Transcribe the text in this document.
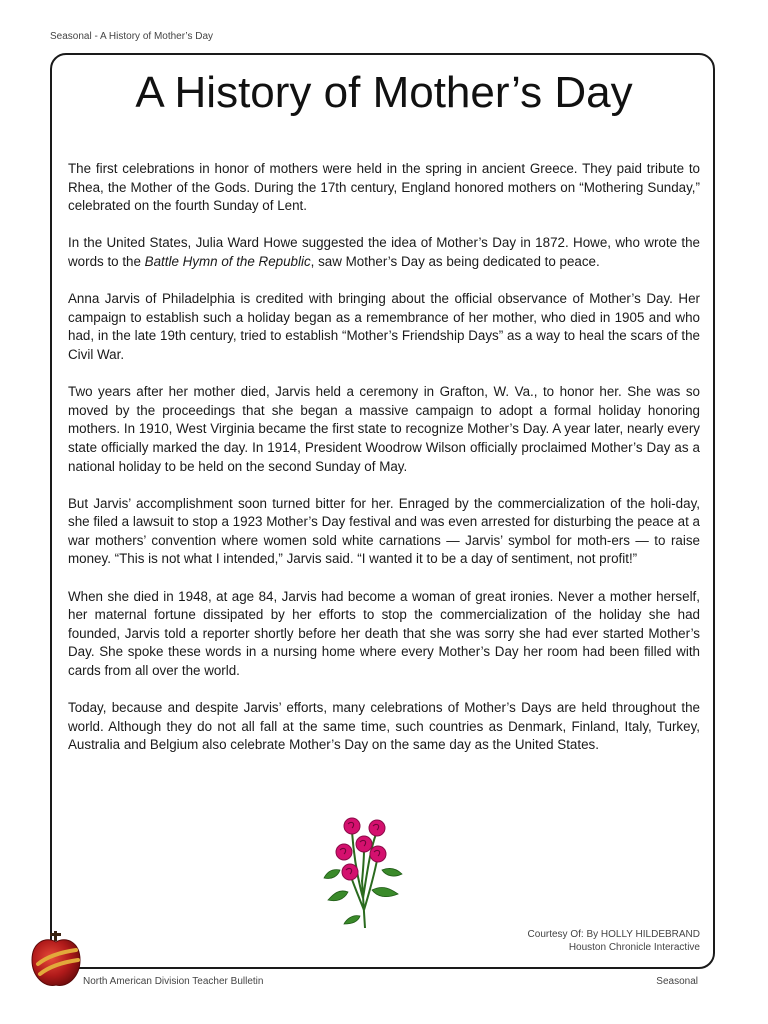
Seasonal - A History of Mother’s Day
A History of Mother’s Day

The first celebrations in honor of mothers were held in the spring in ancient Greece. They paid tribute to Rhea, the Mother of the Gods. During the 17th century, England honored mothers on “Mothering Sunday,” celebrated on the fourth Sunday of Lent.

In the United States, Julia Ward Howe suggested the idea of Mother’s Day in 1872. Howe, who wrote the words to the Battle Hymn of the Republic, saw Mother’s Day as being dedicated to peace.

Anna Jarvis of Philadelphia is credited with bringing about the official observance of Mother’s Day. Her campaign to establish such a holiday began as a remembrance of her mother, who died in 1905 and who had, in the late 19th century, tried to establish “Mother’s Friendship Days” as a way to heal the scars of the Civil War.

Two years after her mother died, Jarvis held a ceremony in Grafton, W. Va., to honor her. She was so moved by the proceedings that she began a massive campaign to adopt a formal holiday honoring mothers. In 1910, West Virginia became the first state to recognize Mother’s Day. A year later, nearly every state officially marked the day. In 1914, President Woodrow Wilson officially proclaimed Mother’s Day as a national holiday to be held on the second Sunday of May.

But Jarvis’ accomplishment soon turned bitter for her. Enraged by the commercialization of the holi-day, she filed a lawsuit to stop a 1923 Mother’s Day festival and was even arrested for disturbing the peace at a war mothers’ convention where women sold white carnations — Jarvis’ symbol for moth-ers — to raise money. “This is not what I intended,” Jarvis said. “I wanted it to be a day of sentiment, not profit!”

When she died in 1948, at age 84, Jarvis had become a woman of great ironies. Never a mother herself, her maternal fortune dissipated by her efforts to stop the commercialization of the holiday she had founded, Jarvis told a reporter shortly before her death that she was sorry she had ever started Mother’s Day. She spoke these words in a nursing home where every Mother’s Day her room had been filled with cards from all over the world.

Today, because and despite Jarvis’ efforts, many celebrations of Mother’s Days are held throughout the world. Although they do not all fall at the same time, such countries as Denmark, Finland, Italy, Turkey, Australia and Belgium also celebrate Mother’s Day on the same day as the United States.

Courtesy Of: By HOLLY HILDEBRAND
Houston Chronicle Interactive
North American Division Teacher Bulletin	Seasonal
